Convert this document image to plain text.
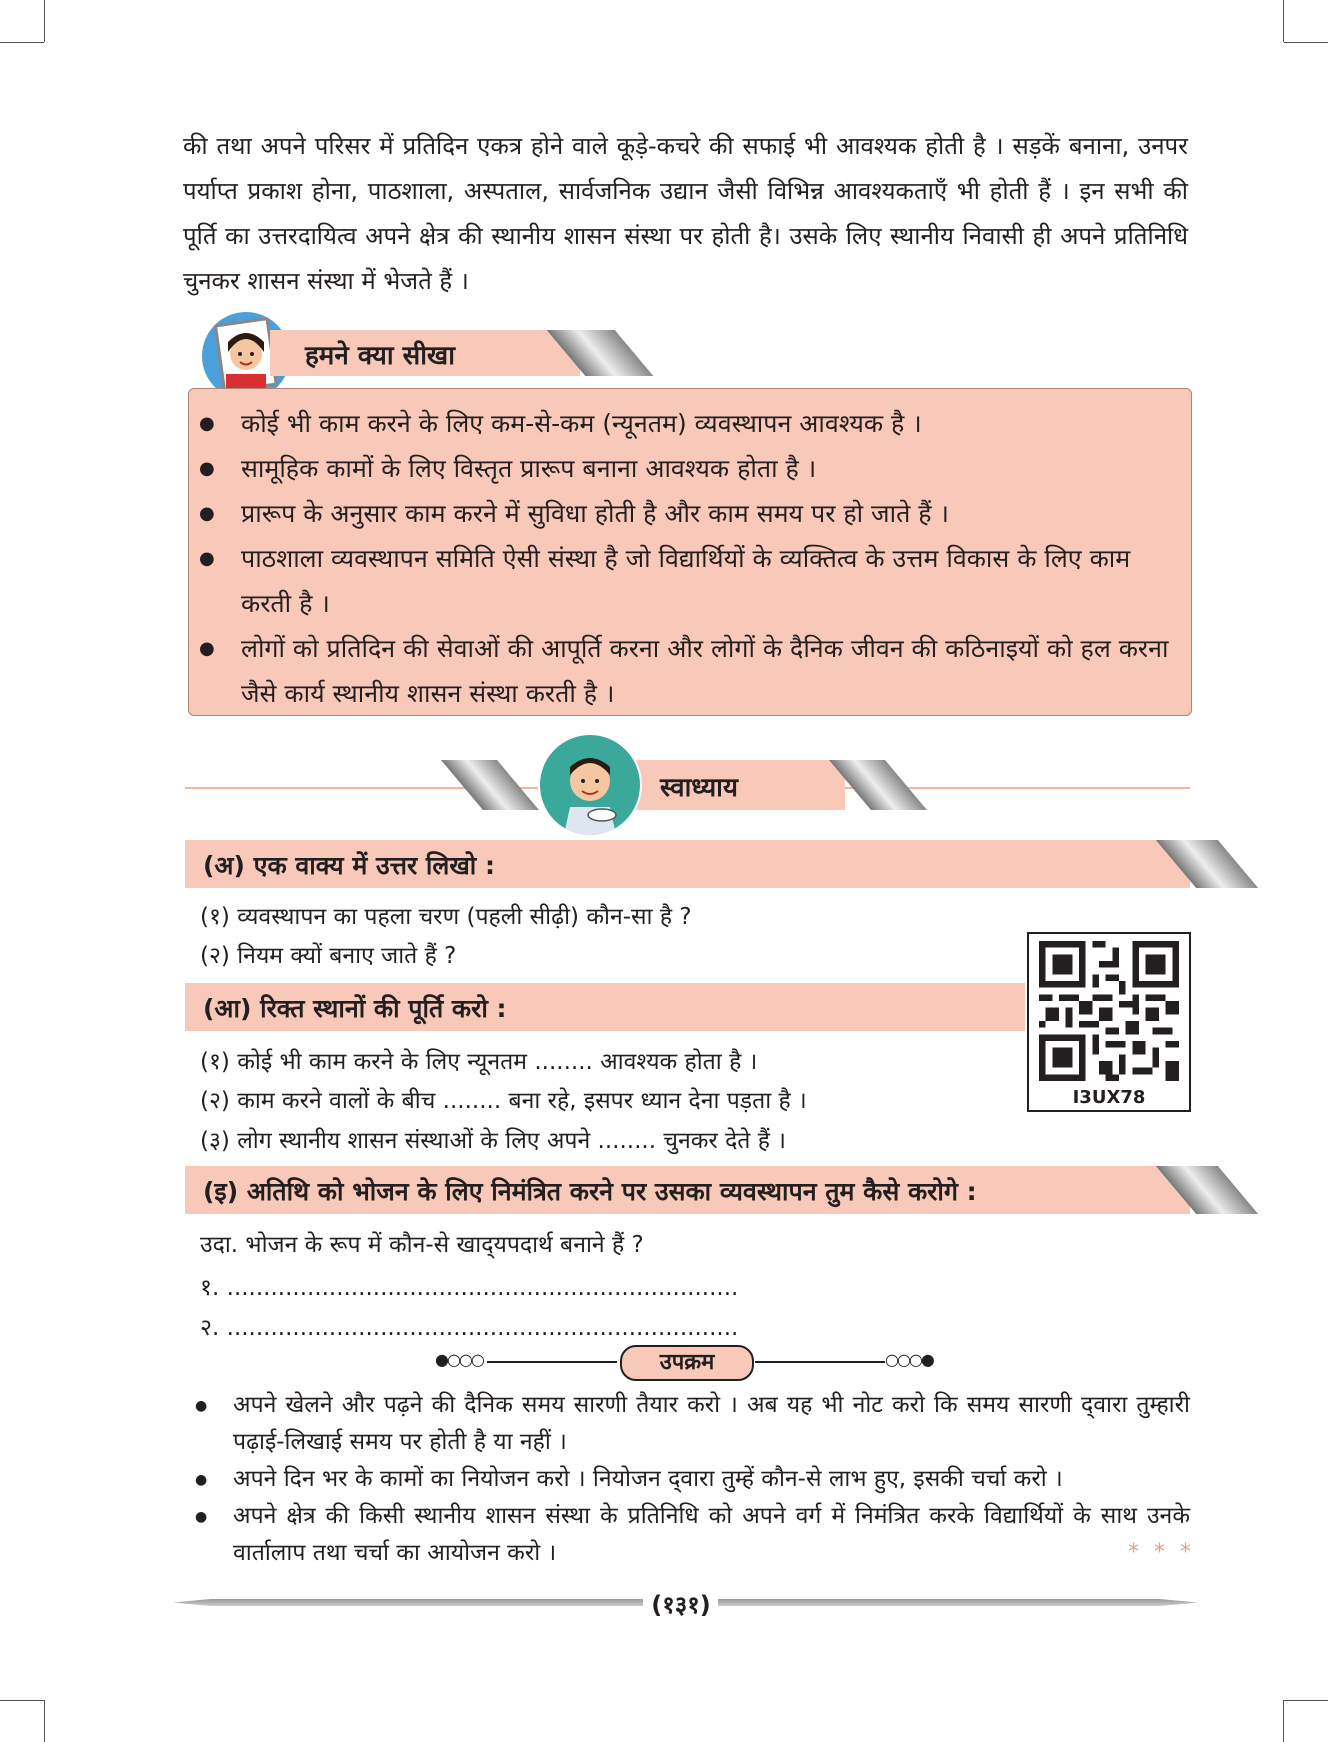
की तथा अपने परिसर में प्रतिदिन एकत्र होने वाले कूड़े-कचरे की सफाई भी आवश्यक होती है । सड़कें बनाना, उनपर पर्याप्त प्रकाश होना, पाठशाला, अस्पताल, सार्वजनिक उद्यान जैसी विभिन्न आवश्यकताएँ भी होती हैं । इन सभी की पूर्ति का उत्तरदायित्व अपने क्षेत्र की स्थानीय शासन संस्था पर होती है। उसके लिए स्थानीय निवासी ही अपने प्रतिनिधि चुनकर शासन संस्था में भेजते हैं ।

हमने क्या सीखा
● कोई भी काम करने के लिए कम-से-कम (न्यूनतम) व्यवस्थापन आवश्यक है ।
● सामूहिक कामों के लिए विस्तृत प्रारूप बनाना आवश्यक होता है ।
● प्रारूप के अनुसार काम करने में सुविधा होती है और काम समय पर हो जाते हैं ।
● पाठशाला व्यवस्थापन समिति ऐसी संस्था है जो विद्यार्थियों के व्यक्तित्व के उत्तम विकास के लिए काम करती है ।
● लोगों को प्रतिदिन की सेवाओं की आपूर्ति करना और लोगों के दैनिक जीवन की कठिनाइयों को हल करना जैसे कार्य स्थानीय शासन संस्था करती है ।
स्वाध्याय
(अ) एक वाक्य में उत्तर लिखो :
(१) व्यवस्थापन का पहला चरण (पहली सीढ़ी) कौन-सा है ?
(२) नियम क्यों बनाए जाते हैं ?
I3UX78
(आ) रिक्त स्थानों की पूर्ति करो :
(१) कोई भी काम करने के लिए न्यूनतम ........ आवश्यक होता है ।
(२) काम करने वालों के बीच ........ बना रहे, इसपर ध्यान देना पड़ता है ।
(३) लोग स्थानीय शासन संस्थाओं के लिए अपने ........ चुनकर देते हैं ।
(इ) अतिथि को भोजन के लिए निमंत्रित करने पर उसका व्यवस्थापन तुम कैसे करोगे :
उदा. भोजन के रूप में कौन-से खाद्‍यपदार्थ बनाने हैं ?
१. ......................................................................
२. ......................................................................
●○○○	उपक्रम	○○○●
● अपने खेलने और पढ़ने की दैनिक समय सारणी तैयार करो । अब यह भी नोट करो कि समय सारणी द्‍वारा तुम्हारी पढ़ाई-लिखाई समय पर होती है या नहीं ।
● अपने दिन भर के कामों का नियोजन करो । नियोजन द्‍वारा तुम्हें कौन-से लाभ हुए, इसकी चर्चा करो ।
● अपने क्षेत्र की किसी स्थानीय शासन संस्था के प्रतिनिधि को अपने वर्ग में निमंत्रित करके विद्यार्थियों के साथ उनके वार्तालाप तथा चर्चा का आयोजन करो ।	* * *
(१३१)
